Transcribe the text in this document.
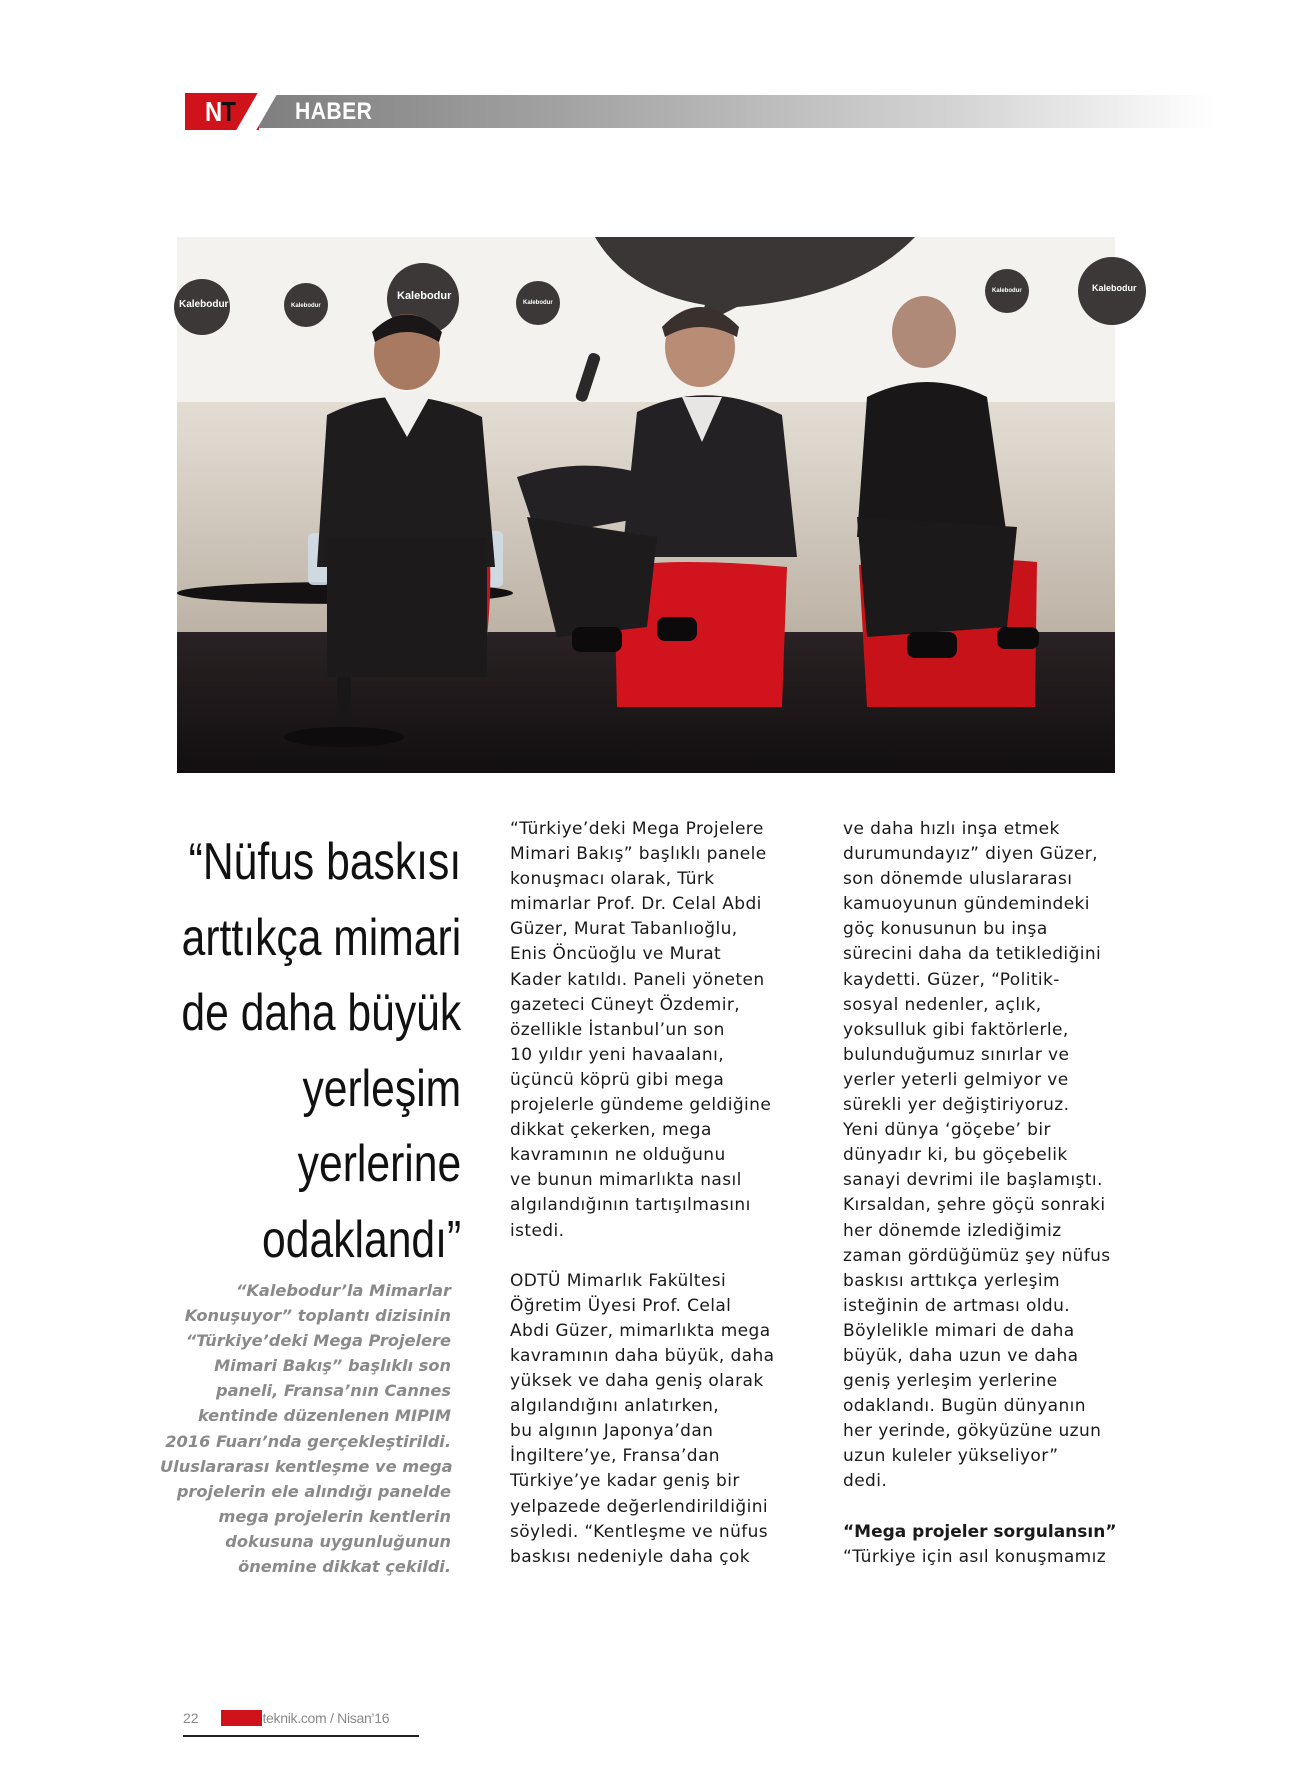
NT HABER
Kalebodur	Kalebodur
Kalebodur
Kalebodur
Kalebodur	Kalebodur
“Nüfus baskısı
arttıkça mimari
de daha büyük
yerleşim
yerlerine
odaklandı”
“Kalebodur’la Mimarlar
Konuşuyor” toplantı dizisinin
“Türkiye’deki Mega Projelere
Mimari Bakış” başlıklı son
paneli, Fransa’nın Cannes
kentinde düzenlenen MIPIM
2016 Fuarı’nda gerçekleştirildi.
Uluslararası kentleşme ve mega
projelerin ele alındığı panelde
mega projelerin kentlerin
dokusuna uygunluğunun
önemine dikkat çekildi.
“Türkiye’deki Mega Projelere
Mimari Bakış” başlıklı panele
konuşmacı olarak, Türk
mimarlar Prof. Dr. Celal Abdi
Güzer, Murat Tabanlıoğlu,
Enis Öncüoğlu ve Murat
Kader katıldı. Paneli yöneten
gazeteci Cüneyt Özdemir,
özellikle İstanbul’un son
10 yıldır yeni havaalanı,
üçüncü köprü gibi mega
projelerle gündeme geldiğine
dikkat çekerken, mega
kavramının ne olduğunu
ve bunun mimarlıkta nasıl
algılandığının tartışılmasını
istedi.
ODTÜ Mimarlık Fakültesi
Öğretim Üyesi Prof. Celal
Abdi Güzer, mimarlıkta mega
kavramının daha büyük, daha
yüksek ve daha geniş olarak
algılandığını anlatırken,
bu algının Japonya’dan
İngiltere’ye, Fransa’dan
Türkiye’ye kadar geniş bir
yelpazede değerlendirildiğini
söyledi. “Kentleşme ve nüfus
baskısı nedeniyle daha çok
ve daha hızlı inşa etmek
durumundayız” diyen Güzer,
son dönemde uluslararası
kamuoyunun gündemindeki
göç konusunun bu inşa
sürecini daha da tetiklediğini
kaydetti. Güzer, “Politik-
sosyal nedenler, açlık,
yoksulluk gibi faktörlerle,
bulunduğumuz sınırlar ve
yerler yeterli gelmiyor ve
sürekli yer değiştiriyoruz.
Yeni dünya ‘göçebe’ bir
dünyadır ki, bu göçebelik
sanayi devrimi ile başlamıştı.
Kırsaldan, şehre göçü sonraki
her dönemde izlediğimiz
zaman gördüğümüz şey nüfus
baskısı arttıkça yerleşim
isteğinin de artması oldu.
Böylelikle mimari de daha
büyük, daha uzun ve daha
geniş yerleşim yerlerine
odaklandı. Bugün dünyanın
her yerinde, gökyüzüne uzun
uzun kuleler yükseliyor”
dedi.
“Mega projeler sorgulansın”
“Türkiye için asıl konuşmamız
22 Nalburteknik.com / Nisan’16
